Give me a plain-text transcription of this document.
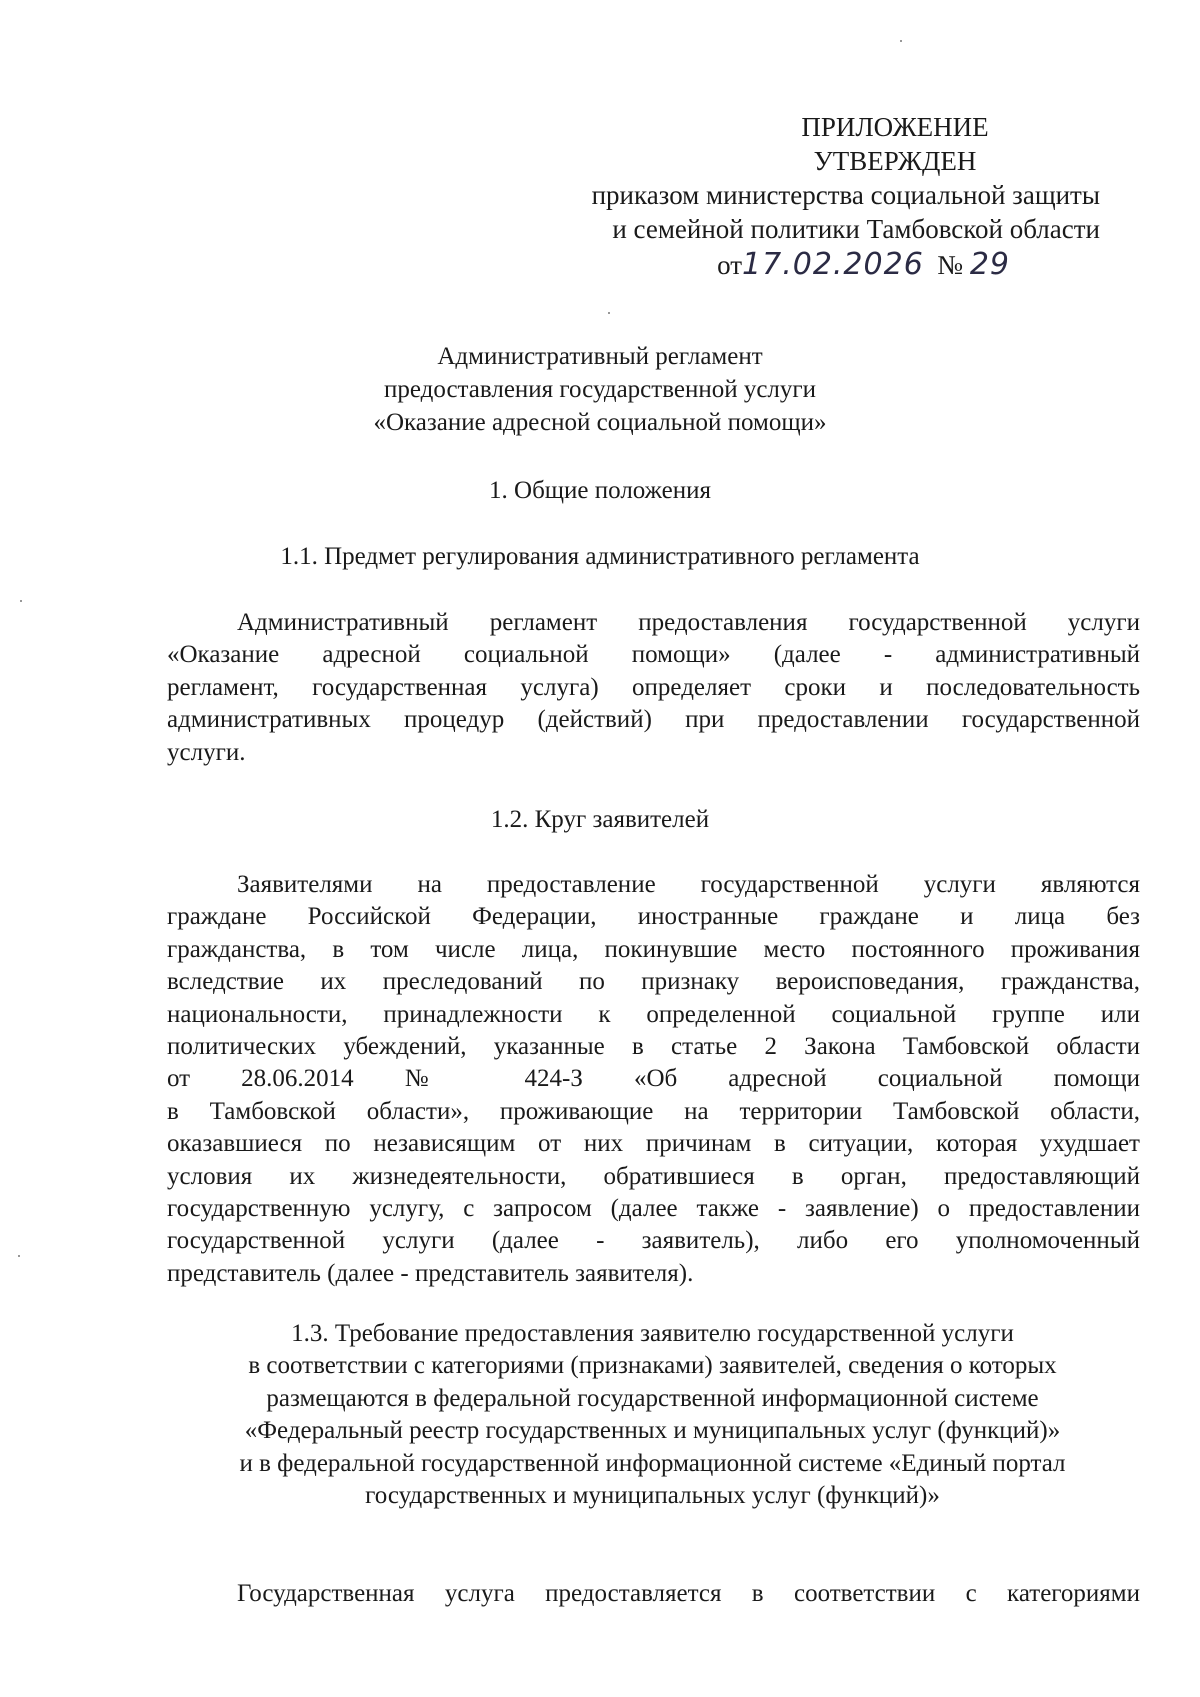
ПРИЛОЖЕНИЕ
УТВЕРЖДЕН
приказом министерства социальной защиты
и семейной политики Тамбовской области
от17.02.2026 № 29
Административный регламент
предоставления государственной услуги
«Оказание адресной социальной помощи»
1. Общие положения
1.1. Предмет регулирования административного регламента
Административный регламент предоставления государственной услуги
«Оказание адресной социальной помощи» (далее - административный
регламент, государственная услуга) определяет сроки и последовательность
административных процедур (действий) при предоставлении государственной
услуги.
1.2. Круг заявителей
Заявителями на предоставление государственной услуги являются
граждане Российской Федерации, иностранные граждане и лица без
гражданства, в том числе лица, покинувшие место постоянного проживания
вследствие их преследований по признаку вероисповедания, гражданства,
национальности, принадлежности к определенной социальной группе или
политических убеждений, указанные в статье 2 Закона Тамбовской области
от 28.06.2014 № 424-З «Об адресной социальной помощи
в Тамбовской области», проживающие на территории Тамбовской области,
оказавшиеся по независящим от них причинам в ситуации, которая ухудшает
условия их жизнедеятельности, обратившиеся в орган, предоставляющий
государственную услугу, с запросом (далее также - заявление) о предоставлении
государственной услуги (далее - заявитель), либо его уполномоченный
представитель (далее - представитель заявителя).
1.3. Требование предоставления заявителю государственной услуги
в соответствии с категориями (признаками) заявителей, сведения о которых
размещаются в федеральной государственной информационной системе
«Федеральный реестр государственных и муниципальных услуг (функций)»
и в федеральной государственной информационной системе «Единый портал
государственных и муниципальных услуг (функций)»
Государственная услуга предоставляется в соответствии с категориями
